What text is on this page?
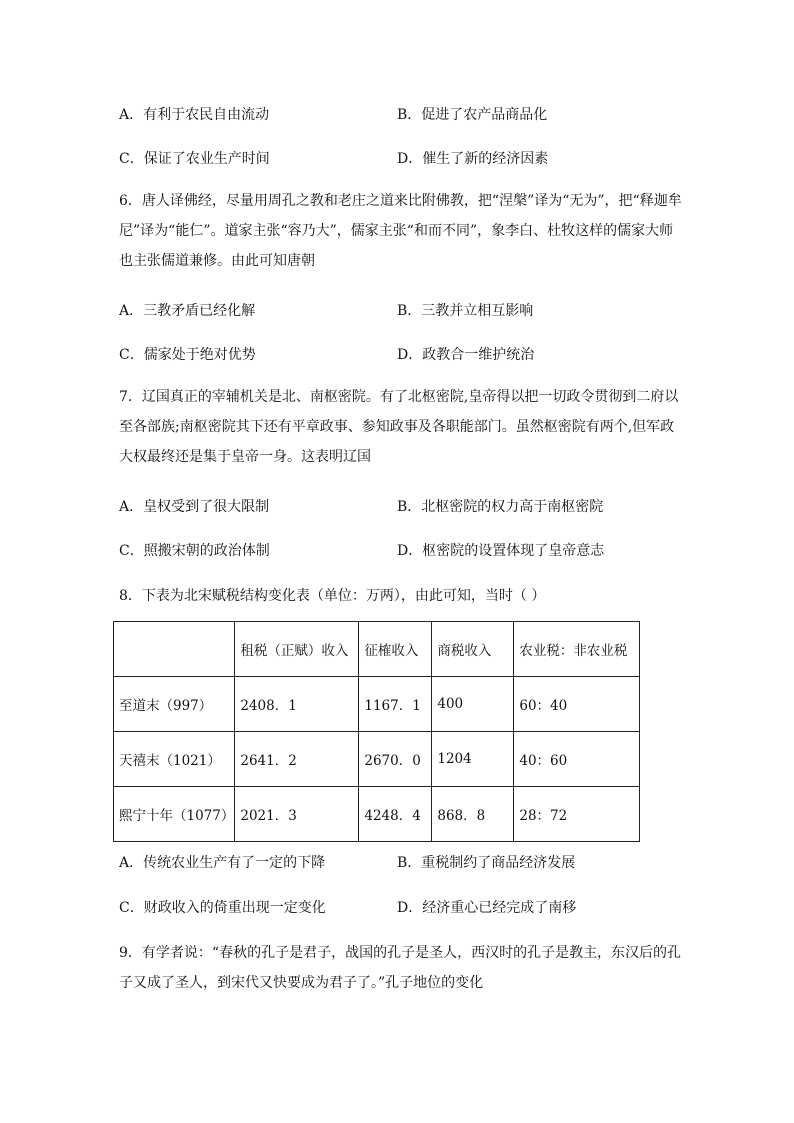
A．有利于农民自由流动	B．促进了农产品商品化
C．保证了农业生产时间	D．催生了新的经济因素
6．唐人译佛经，尽量用周孔之教和老庄之道来比附佛教，把“涅槃”译为“无为”，把“释迦牟
尼”译为“能仁”。道家主张“容乃大”，儒家主张“和而不同”，象李白、杜牧这样的儒家大师
也主张儒道兼修。由此可知唐朝
A．三教矛盾已经化解	B．三教并立相互影响
C．儒家处于绝对优势	D．政教合一维护统治
7．辽国真正的宰辅机关是北、南枢密院。有了北枢密院,皇帝得以把一切政令贯彻到二府以
至各部族;南枢密院其下还有平章政事、参知政事及各职能部门。虽然枢密院有两个,但军政
大权最终还是集于皇帝一身。这表明辽国
A．皇权受到了很大限制	B．北枢密院的权力高于南枢密院
C．照搬宋朝的政治体制	D．枢密院的设置体现了皇帝意志
8．下表为北宋赋税结构变化表（单位：万两），由此可知，当时（ ）
	租税（正赋）收入	征榷收入	商税收入	农业税：非农业税
至道末（997）	2408．1	1167．1	400	60：40
天禧末（1021）	2641．2	2670．0	1204	40：60
熙宁十年（1077）	2021．3	4248．4	868．8	28：72
A．传统农业生产有了一定的下降	B．重税制约了商品经济发展
C．财政收入的倚重出现一定变化	D．经济重心已经完成了南移
9．有学者说：“春秋的孔子是君子，战国的孔子是圣人，西汉时的孔子是教主，东汉后的孔
子又成了圣人，到宋代又快要成为君子了。”孔子地位的变化
